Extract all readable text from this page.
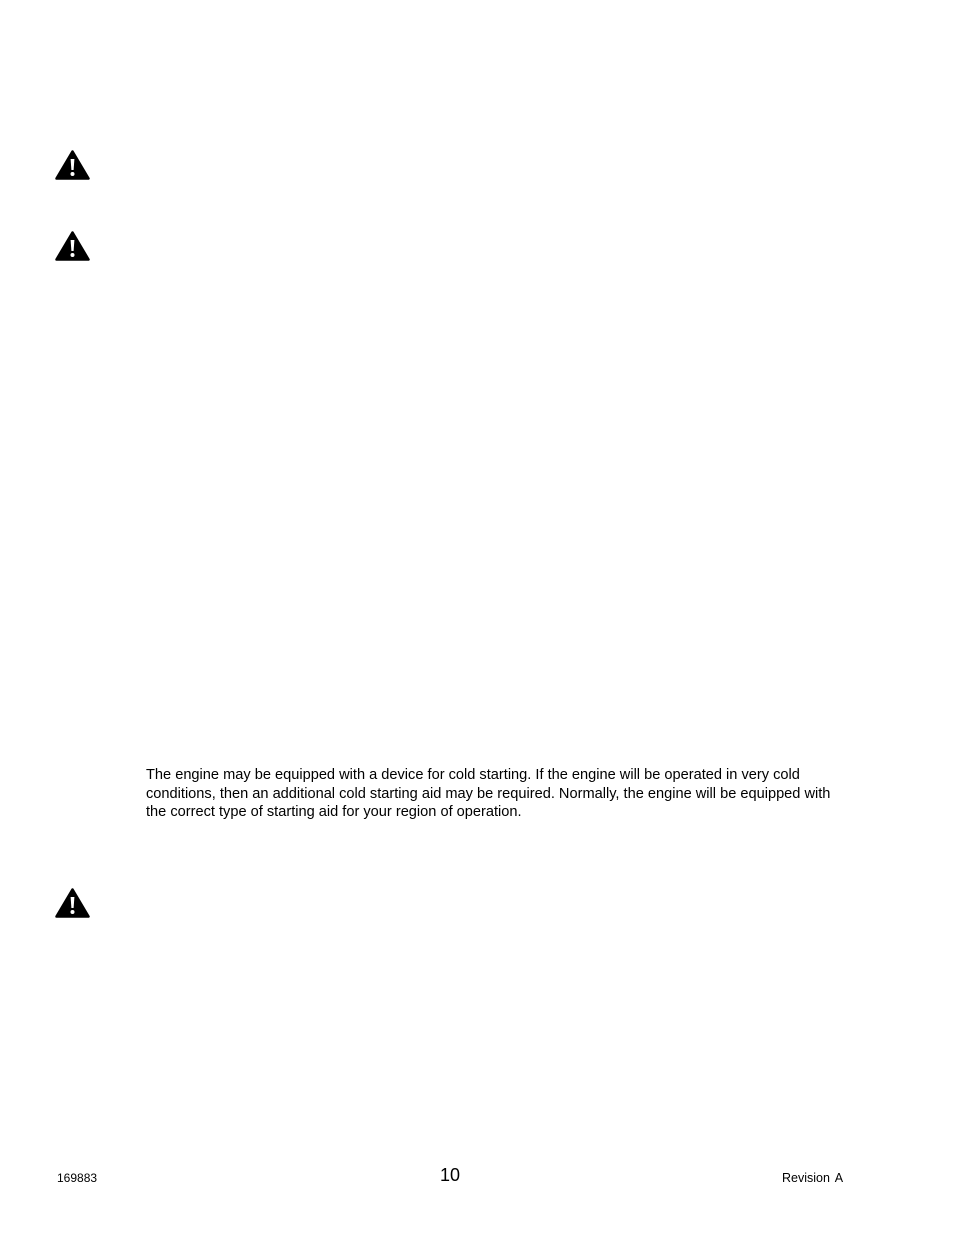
The engine may be equipped with a device for cold starting. If the engine will be operated in very cold conditions, then an additional cold starting aid may be required. Normally, the engine will be equipped with the correct type of starting aid for your region of operation.

169883	10	Revision A
